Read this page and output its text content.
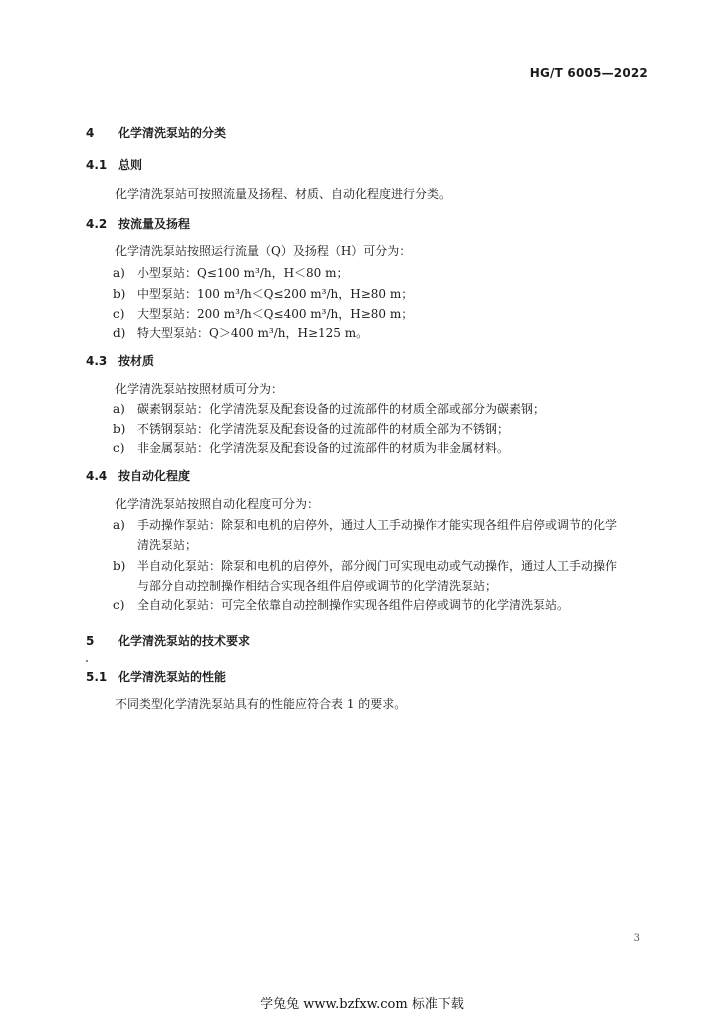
HG/T 6005—2022
4 化学清洗泵站的分类
4.1 总则
化学清洗泵站可按照流量及扬程、材质、自动化程度进行分类。
4.2 按流量及扬程
化学清洗泵站按照运行流量（Q）及扬程（H）可分为：
a) 小型泵站：Q≤100 m³/h，H＜80 m；
b) 中型泵站：100 m³/h＜Q≤200 m³/h，H≥80 m；
c) 大型泵站：200 m³/h＜Q≤400 m³/h，H≥80 m；
d) 特大型泵站：Q＞400 m³/h，H≥125 m。
4.3 按材质
化学清洗泵站按照材质可分为：
a) 碳素钢泵站：化学清洗泵及配套设备的过流部件的材质全部或部分为碳素钢；
b) 不锈钢泵站：化学清洗泵及配套设备的过流部件的材质全部为不锈钢；
c) 非金属泵站：化学清洗泵及配套设备的过流部件的材质为非金属材料。
4.4 按自动化程度
化学清洗泵站按照自动化程度可分为：
a) 手动操作泵站：除泵和电机的启停外，通过人工手动操作才能实现各组件启停或调节的化学
清洗泵站；
b) 半自动化泵站：除泵和电机的启停外，部分阀门可实现电动或气动操作，通过人工手动操作
与部分自动控制操作相结合实现各组件启停或调节的化学清洗泵站；
c) 全自动化泵站：可完全依靠自动控制操作实现各组件启停或调节的化学清洗泵站。
5 化学清洗泵站的技术要求
5.1 化学清洗泵站的性能
不同类型化学清洗泵站具有的性能应符合表 1 的要求。
3
学兔兔 www.bzfxw.com 标准下载
